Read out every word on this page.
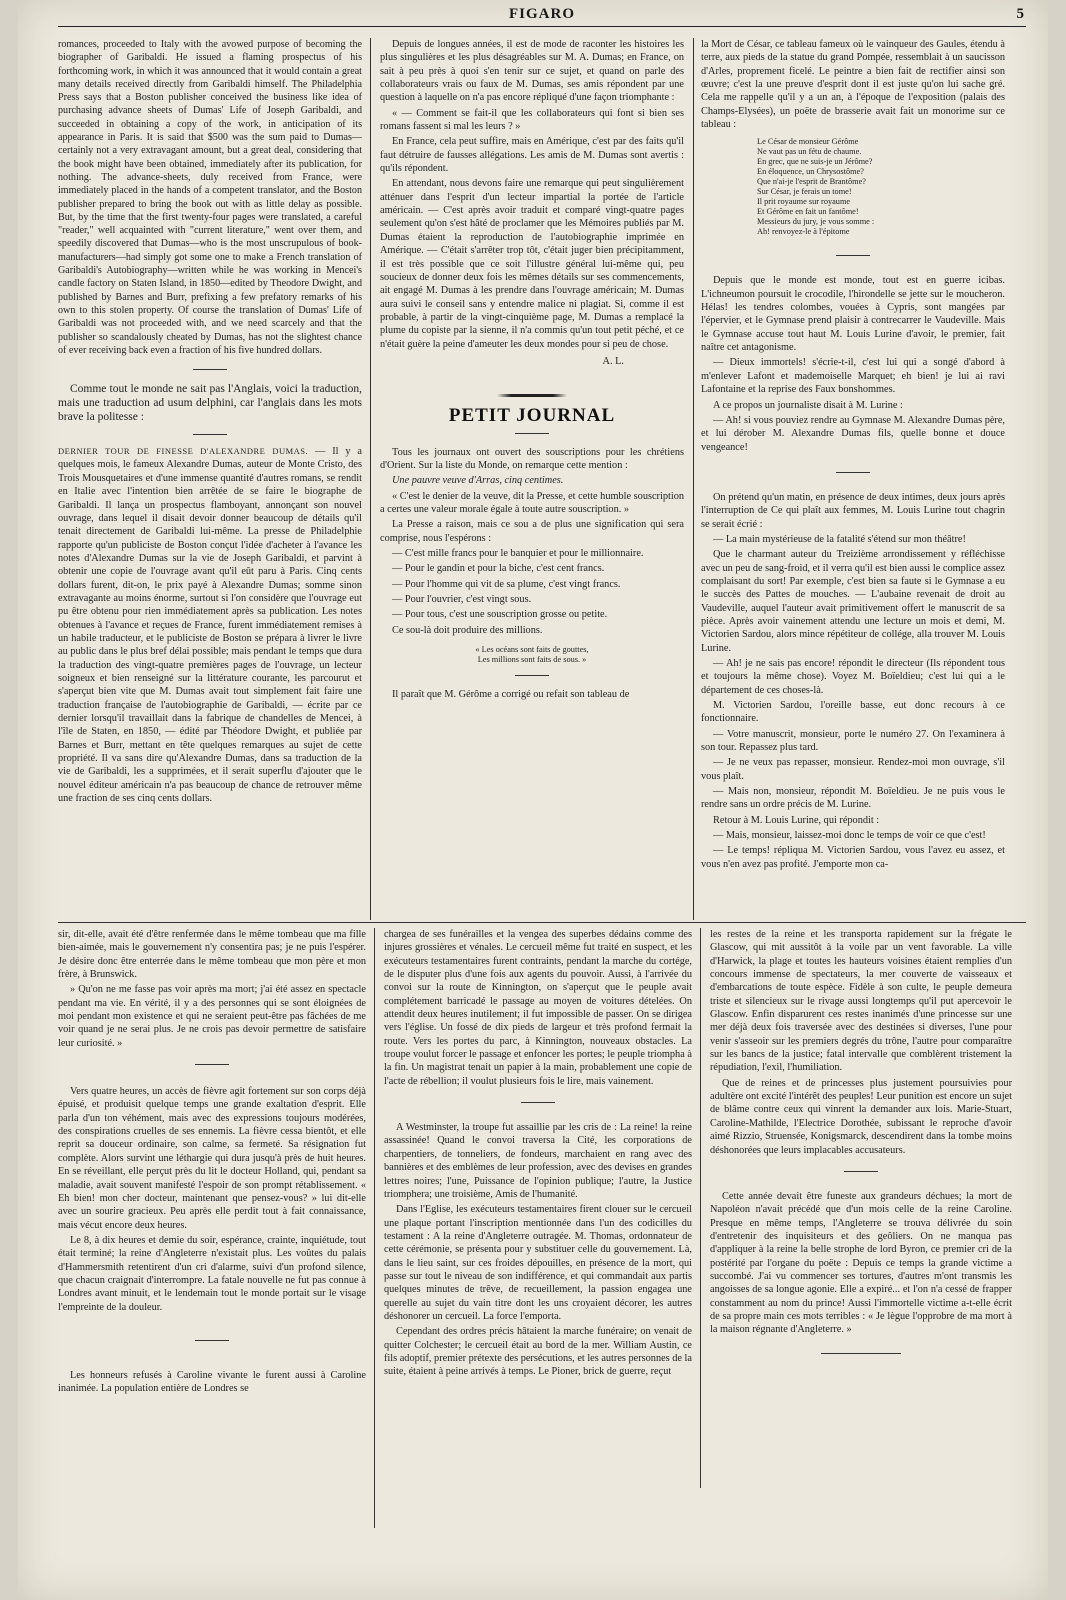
FIGARO	5

romances, proceeded to Italy with the avowed purpose of becoming the biographer of Garibaldi. He issued a flaming prospectus of his forthcoming work, in which it was announced that it would contain a great many details received directly from Garibaldi himself. The Philadelphia Press says that a Boston publisher conceived the business like idea of purchasing advance sheets of Dumas' Life of Joseph Garibaldi, and succeeded in obtaining a copy of the work, in anticipation of its appearance in Paris. It is said that $500 was the sum paid to Dumas—certainly not a very extravagant amount, but a great deal, considering that the book might have been obtained, immediately after its publication, for nothing. The advance-sheets, duly received from France, were immediately placed in the hands of a competent translator, and the Boston publisher prepared to bring the book out with as little delay as possible. But, by the time that the first twenty-four pages were translated, a careful "reader," well acquainted with "current literature," went over them, and speedily discovered that Dumas—who is the most unscrupulous of book-manufacturers—had simply got some one to make a French translation of Garibaldi's Autobiography—written while he was working in Mencei's candle factory on Staten Island, in 1850—edited by Theodore Dwight, and published by Barnes and Burr, prefixing a few prefatory remarks of his own to this stolen property. Of course the translation of Dumas' Life of Garibaldi was not proceeded with, and we need scarcely and that the publisher so scandalously cheated by Dumas, has not the slightest chance of ever receiving back even a fraction of his five hundred dollars.

Comme tout le monde ne sait pas l'Anglais, voici la traduction, mais une traduction ad usum delphini, car l'anglais dans les mots brave la politesse :

DERNIER TOUR DE FINESSE D'ALEXANDRE DUMAS. — Il y a quelques mois, le fameux Alexandre Dumas, auteur de Monte Cristo, des Trois Mousquetaires et d'une immense quantité d'autres romans, se rendit en Italie avec l'intention bien arrêtée de se faire le biographe de Garibaldi. Il lança un prospectus flamboyant, annonçant son nouvel ouvrage, dans lequel il disait devoir donner beaucoup de détails qu'il tenait directement de Garibaldi lui-même. La presse de Philadelphie rapporte qu'un publiciste de Boston conçut l'idée d'acheter à l'avance les notes d'Alexandre Dumas sur la vie de Joseph Garibaldi, et parvint à obtenir une copie de l'ouvrage avant qu'il eût paru à Paris. Cinq cents dollars furent, dit-on, le prix payé à Alexandre Dumas; somme sinon extravagante au moins énorme, surtout si l'on considère que l'ouvrage eut pu être obtenu pour rien immédiatement après sa publication. Les notes obtenues à l'avance et reçues de France, furent immédiatement remises à un habile traducteur, et le publiciste de Boston se prépara à livrer le livre au public dans le plus bref délai possible; mais pendant le temps que dura la traduction des vingt-quatre premières pages de l'ouvrage, un lecteur soigneux et bien renseigné sur la littérature courante, les parcourut et s'aperçut bien vite que M. Dumas avait tout simplement fait faire une traduction française de l'autobiographie de Garibaldi, — écrite par ce dernier lorsqu'il travaillait dans la fabrique de chandelles de Mencei, à l'île de Staten, en 1850, — édité par Théodore Dwight, et publiée par Barnes et Burr, mettant en tête quelques remarques au sujet de cette propriété. Il va sans dire qu'Alexandre Dumas, dans sa traduction de la vie de Garibaldi, les a supprimées, et il serait superflu d'ajouter que le nouvel éditeur américain n'a pas beaucoup de chance de retrouver même une fraction de ses cinq cents dollars.

Depuis de longues années, il est de mode de raconter les histoires les plus singulières et les plus désagréables sur M. A. Dumas; en France, on sait à peu près à quoi s'en tenir sur ce sujet, et quand on parle des collaborateurs vrais ou faux de M. Dumas, ses amis répondent par une question à laquelle on n'a pas encore répliqué d'une façon triomphante :

« — Comment se fait-il que les collaborateurs qui font si bien ses romans fassent si mal les leurs ? »

En France, cela peut suffire, mais en Amérique, c'est par des faits qu'il faut détruire de fausses allégations. Les amis de M. Dumas sont avertis : qu'ils répondent.

En attendant, nous devons faire une remarque qui peut singulièrement atténuer dans l'esprit d'un lecteur impartial la portée de l'article américain. — C'est après avoir traduit et comparé vingt-quatre pages seulement qu'on s'est hâté de proclamer que les Mémoires publiés par M. Dumas étaient la reproduction de l'autobiographie imprimée en Amérique. — C'était s'arrêter trop tôt, c'était juger bien précipitamment, il est très possible que ce soit l'illustre général lui-même qui, peu soucieux de donner deux fois les mêmes détails sur ses commencements, ait engagé M. Dumas à les prendre dans l'ouvrage américain; M. Dumas aura suivi le conseil sans y entendre malice ni plagiat. Si, comme il est probable, à partir de la vingt-cinquième page, M. Dumas a remplacé la plume du copiste par la sienne, il n'a commis qu'un tout petit péché, et ce n'était guère la peine d'ameuter les deux mondes pour si peu de chose.

A. L.
PETIT JOURNAL

Tous les journaux ont ouvert des souscriptions pour les chrétiens d'Orient. Sur la liste du Monde, on remarque cette mention :

Une pauvre veuve d'Arras, cinq centimes.

« C'est le denier de la veuve, dit la Presse, et cette humble souscription a certes une valeur morale égale à toute autre souscription. »

La Presse a raison, mais ce sou a de plus une signification qui sera comprise, nous l'espérons :

— C'est mille francs pour le banquier et pour le millionnaire.

— Pour le gandin et pour la biche, c'est cent francs.

— Pour l'homme qui vit de sa plume, c'est vingt francs.

— Pour l'ouvrier, c'est vingt sous.

— Pour tous, c'est une souscription grosse ou petite.

Ce sou-là doit produire des millions.

« Les océans sont faits de gouttes,
Les millions sont faits de sous. »

Il paraît que M. Gérôme a corrigé ou refait son tableau de

la Mort de César, ce tableau fameux où le vainqueur des Gaules, étendu à terre, aux pieds de la statue du grand Pompée, ressemblait à un saucisson d'Arles, proprement ficelé. Le peintre a bien fait de rectifier ainsi son œuvre; c'est la une preuve d'esprit dont il est juste qu'on lui sache gré. Cela me rappelle qu'il y a un an, à l'époque de l'exposition (palais des Champs-Elysées), un poëte de brasserie avait fait un monorime sur ce tableau :

Le César de monsieur Gérôme
Ne vaut pas un fétu de chaume.
En grec, que ne suis-je un Jérôme?
En éloquence, un Chrysostôme?
Que n'ai-je l'esprit de Brantôme?
Sur César, je ferais un tome!
Il prit royaume sur royaume
Et Gérôme en fait un fantôme!
Messieurs du jury, je vous somme :
Ah! renvoyez-le à l'épitome

Depuis que le monde est monde, tout est en guerre icibas. L'ichneumon poursuit le crocodile, l'hirondelle se jette sur le moucheron. Hélas! les tendres colombes, vouées à Cypris, sont mangées par l'épervier, et le Gymnase prend plaisir à contrecarrer le Vaudeville. Mais le Gymnase accuse tout haut M. Louis Lurine d'avoir, le premier, fait naître cet antagonisme.

— Dieux immortels! s'écrie-t-il, c'est lui qui a songé d'abord à m'enlever Lafont et mademoiselle Marquet; eh bien! je lui ai ravi Lafontaine et la reprise des Faux bonshommes.

A ce propos un journaliste disait à M. Lurine :

— Ah! si vous pouviez rendre au Gymnase M. Alexandre Dumas père, et lui dérober M. Alexandre Dumas fils, quelle bonne et douce vengeance!

On prétend qu'un matin, en présence de deux intimes, deux jours après l'interruption de Ce qui plaît aux femmes, M. Louis Lurine tout chagrin se serait écrié :

— La main mystérieuse de la fatalité s'étend sur mon théâtre!

Que le charmant auteur du Treizième arrondissement y réfléchisse avec un peu de sang-froid, et il verra qu'il est bien aussi le complice assez complaisant du sort! Par exemple, c'est bien sa faute si le Gymnase a eu le succès des Pattes de mouches. — L'aubaine revenait de droit au Vaudeville, auquel l'auteur avait primitivement offert le manuscrit de sa pièce. Après avoir vainement attendu une lecture un mois et demi, M. Victorien Sardou, alors mince répétiteur de collége, alla trouver M. Louis Lurine.

— Ah! je ne sais pas encore! répondit le directeur (Ils répondent tous et toujours la même chose). Voyez M. Boïeldieu; c'est lui qui a le département de ces choses-là.

M. Victorien Sardou, l'oreille basse, eut donc recours à ce fonctionnaire.

— Votre manuscrit, monsieur, porte le numéro 27. On l'examinera à son tour. Repassez plus tard.

— Je ne veux pas repasser, monsieur. Rendez-moi mon ouvrage, s'il vous plaît.

— Mais non, monsieur, répondit M. Boïeldieu. Je ne puis vous le rendre sans un ordre précis de M. Lurine.

Retour à M. Louis Lurine, qui répondit :

— Mais, monsieur, laissez-moi donc le temps de voir ce que c'est!

— Le temps! répliqua M. Victorien Sardou, vous l'avez eu assez, et vous n'en avez pas profité. J'emporte mon ca-

sir, dit-elle, avait été d'être renfermée dans le même tombeau que ma fille bien-aimée, mais le gouvernement n'y consentira pas; je ne puis l'espérer. Je désire donc être enterrée dans le même tombeau que mon père et mon frère, à Brunswick.

» Qu'on ne me fasse pas voir après ma mort; j'ai été assez en spectacle pendant ma vie. En vérité, il y a des personnes qui se sont éloignées de moi pendant mon existence et qui ne seraient peut-être pas fâchées de me voir quand je ne serai plus. Je ne crois pas devoir permettre de satisfaire leur curiosité. »

Vers quatre heures, un accès de fièvre agit fortement sur son corps déjà épuisé, et produisit quelque temps une grande exaltation d'esprit. Elle parla d'un ton véhément, mais avec des expressions toujours modérées, des conspirations cruelles de ses ennemis. La fièvre cessa bientôt, et elle reprit sa douceur ordinaire, son calme, sa fermeté. Sa résignation fut complète. Alors survint une léthargie qui dura jusqu'à près de huit heures. En se réveillant, elle perçut près du lit le docteur Holland, qui, pendant sa maladie, avait souvent manifesté l'espoir de son prompt rétablissement. « Eh bien! mon cher docteur, maintenant que pensez-vous? » lui dit-elle avec un sourire gracieux. Peu après elle perdit tout à fait connaissance, mais vécut encore deux heures.

Le 8, à dix heures et demie du soir, espérance, crainte, inquiétude, tout était terminé; la reine d'Angleterre n'existait plus. Les voûtes du palais d'Hammersmith retentirent d'un cri d'alarme, suivi d'un profond silence, que chacun craignait d'interrompre. La fatale nouvelle ne fut pas connue à Londres avant minuit, et le lendemain tout le monde portait sur le visage l'empreinte de la douleur.

Les honneurs refusés à Caroline vivante le furent aussi à Caroline inanimée. La population entière de Londres se

chargea de ses funérailles et la vengea des superbes dédains comme des injures grossières et vénales. Le cercueil même fut traité en suspect, et les exécuteurs testamentaires furent contraints, pendant la marche du cortége, de le disputer plus d'une fois aux agents du pouvoir. Aussi, à l'arrivée du convoi sur la route de Kinnington, on s'aperçut que le peuple avait complétement barricadé le passage au moyen de voitures dételées. On attendit deux heures inutilement; il fut impossible de passer. On se dirigea vers l'église. Un fossé de dix pieds de largeur et très profond fermait la route. Vers les portes du parc, à Kinnington, nouveaux obstacles. La troupe voulut forcer le passage et enfoncer les portes; le peuple triompha à la fin. Un magistrat tenait un papier à la main, probablement une copie de l'acte de rébellion; il voulut plusieurs fois le lire, mais vainement.

A Westminster, la troupe fut assaillie par les cris de : La reine! la reine assassinée! Quand le convoi traversa la Cité, les corporations de charpentiers, de tonneliers, de fondeurs, marchaient en rang avec des bannières et des emblèmes de leur profession, avec des devises en grandes lettres noires; l'une, Puissance de l'opinion publique; l'autre, la Justice triomphera; une troisième, Amis de l'humanité.

Dans l'Eglise, les exécuteurs testamentaires firent clouer sur le cercueil une plaque portant l'inscription mentionnée dans l'un des codicilles du testament : A la reine d'Angleterre outragée. M. Thomas, ordonnateur de cette cérémonie, se présenta pour y substituer celle du gouvernement. Là, dans le lieu saint, sur ces froides dépouilles, en présence de la mort, qui passe sur tout le niveau de son indifférence, et qui commandait aux partis quelques minutes de trêve, de recueillement, la passion engagea une querelle au sujet du vain titre dont les uns croyaient décorer, les autres déshonorer un cercueil. La force l'emporta.

Cependant des ordres précis hâtaient la marche funéraire; on venait de quitter Colchester; le cercueil était au bord de la mer. William Austin, ce fils adoptif, premier prétexte des persécutions, et les autres personnes de la suite, étaient à peine arrivés à temps. Le Pioner, brick de guerre, reçut

les restes de la reine et les transporta rapidement sur la frégate le Glascow, qui mit aussitôt à la voile par un vent favorable. La ville d'Harwick, la plage et toutes les hauteurs voisines étaient remplies d'un concours immense de spectateurs, la mer couverte de vaisseaux et d'embarcations de toute espèce. Fidèle à son culte, le peuple demeura triste et silencieux sur le rivage aussi longtemps qu'il put apercevoir le Glascow. Enfin disparurent ces restes inanimés d'une princesse sur une mer déjà deux fois traversée avec des destinées si diverses, l'une pour venir s'asseoir sur les premiers degrés du trône, l'autre pour comparaître sur les bancs de la justice; fatal intervalle que comblèrent tristement la répudiation, l'exil, l'humiliation.

Que de reines et de princesses plus justement poursuivies pour adultère ont excité l'intérêt des peuples! Leur punition est encore un sujet de blâme contre ceux qui vinrent la demander aux lois. Marie-Stuart, Caroline-Mathilde, l'Electrice Dorothée, subissant le reproche d'avoir aimé Rizzio, Struensée, Konigsmarck, descendirent dans la tombe moins déshonorées que leurs implacables accusateurs.

Cette année devait être funeste aux grandeurs déchues; la mort de Napoléon n'avait précédé que d'un mois celle de la reine Caroline. Presque en même temps, l'Angleterre se trouva délivrée du soin d'entretenir des inquisiteurs et des geôliers. On ne manqua pas d'appliquer à la reine la belle strophe de lord Byron, ce premier cri de la postérité par l'organe du poëte : Depuis ce temps la grande victime a succombé. J'ai vu commencer ses tortures, d'autres m'ont transmis les angoisses de sa longue agonie. Elle a expiré... et l'on n'a cessé de frapper constamment au nom du prince! Aussi l'immortelle victime a-t-elle écrit de sa propre main ces mots terribles : « Je lègue l'opprobre de ma mort à la maison régnante d'Angleterre. »
